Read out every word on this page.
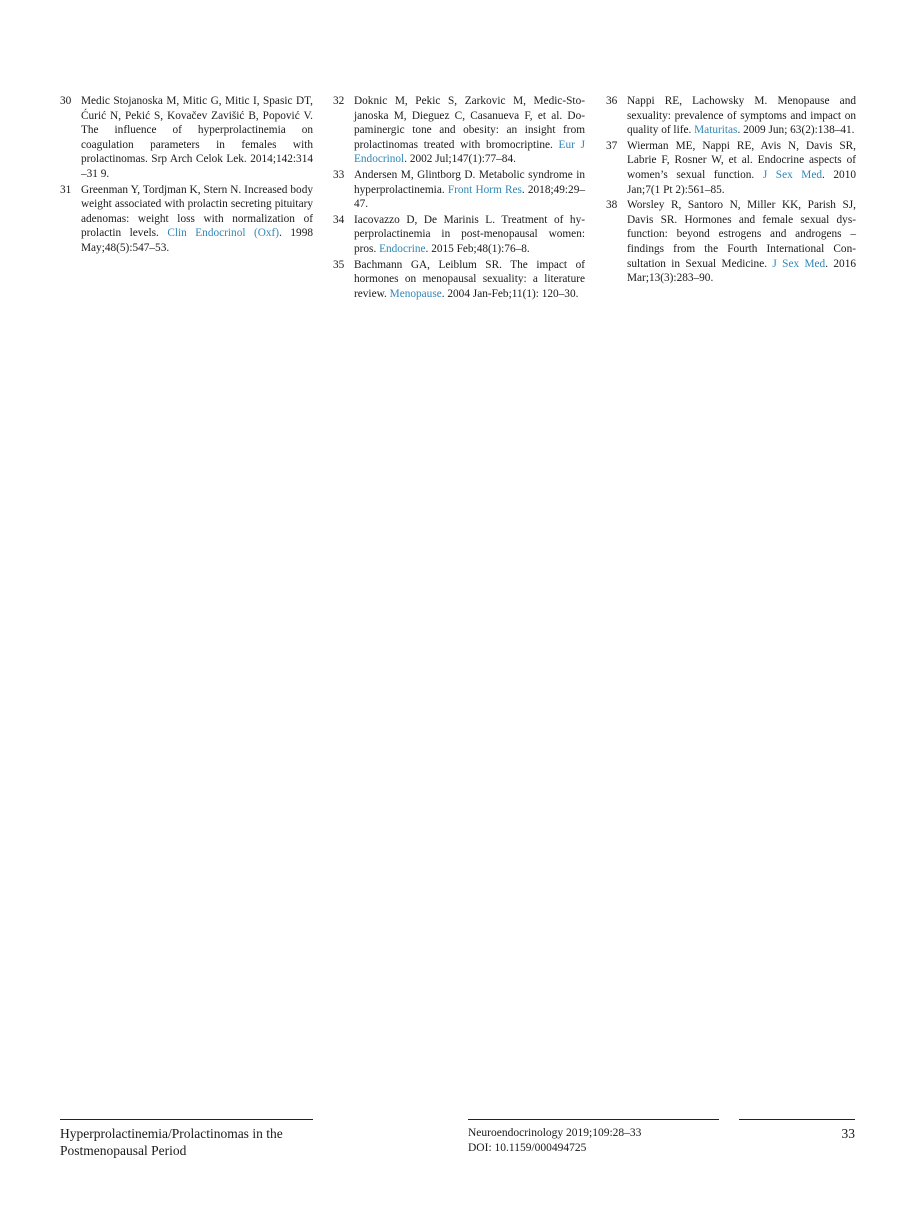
30 Medic Stojanoska M, Mitic G, Mitic I, Spasic DT, Ćurić N, Pekić S, Kovačev Zavišić B, Popović V. The influence of hyperprolactinemia on coagulation parameters in females with prolactinomas. Srp Arch Celok Lek. 2014;142:314 –31 9.
31 Greenman Y, Tordjman K, Stern N. Increased body weight associated with prolactin secreting pituitary adenomas: weight loss with normalization of prolactin levels. Clin Endocrinol (Oxf). 1998 May;48(5):547–53.
32 Doknic M, Pekic S, Zarkovic M, Medic-Stojanoska M, Dieguez C, Casanueva F, et al. Dopaminergic tone and obesity: an insight from prolactinomas treated with bromocriptine. Eur J Endocrinol. 2002 Jul;147(1):77–84.
33 Andersen M, Glintborg D. Metabolic syndrome in hyperprolactinemia. Front Horm Res. 2018;49:29–47.
34 Iacovazzo D, De Marinis L. Treatment of hyperprolactinemia in post-menopausal women: pros. Endocrine. 2015 Feb;48(1):76–8.
35 Bachmann GA, Leiblum SR. The impact of hormones on menopausal sexuality: a literature review. Menopause. 2004 Jan-Feb;11(1): 120–30.
36 Nappi RE, Lachowsky M. Menopause and sexuality: prevalence of symptoms and impact on quality of life. Maturitas. 2009 Jun; 63(2):138–41.
37 Wierman ME, Nappi RE, Avis N, Davis SR, Labrie F, Rosner W, et al. Endocrine aspects of women’s sexual function. J Sex Med. 2010 Jan;7(1 Pt 2):561–85.
38 Worsley R, Santoro N, Miller KK, Parish SJ, Davis SR. Hormones and female sexual dysfunction: beyond estrogens and androgens – findings from the Fourth International Consultation in Sexual Medicine. J Sex Med. 2016 Mar;13(3):283–90.
Hyperprolactinemia/Prolactinomas in the
Postmenopausal Period
Neuroendocrinology 2019;109:28–33
DOI: 10.1159/000494725
33
